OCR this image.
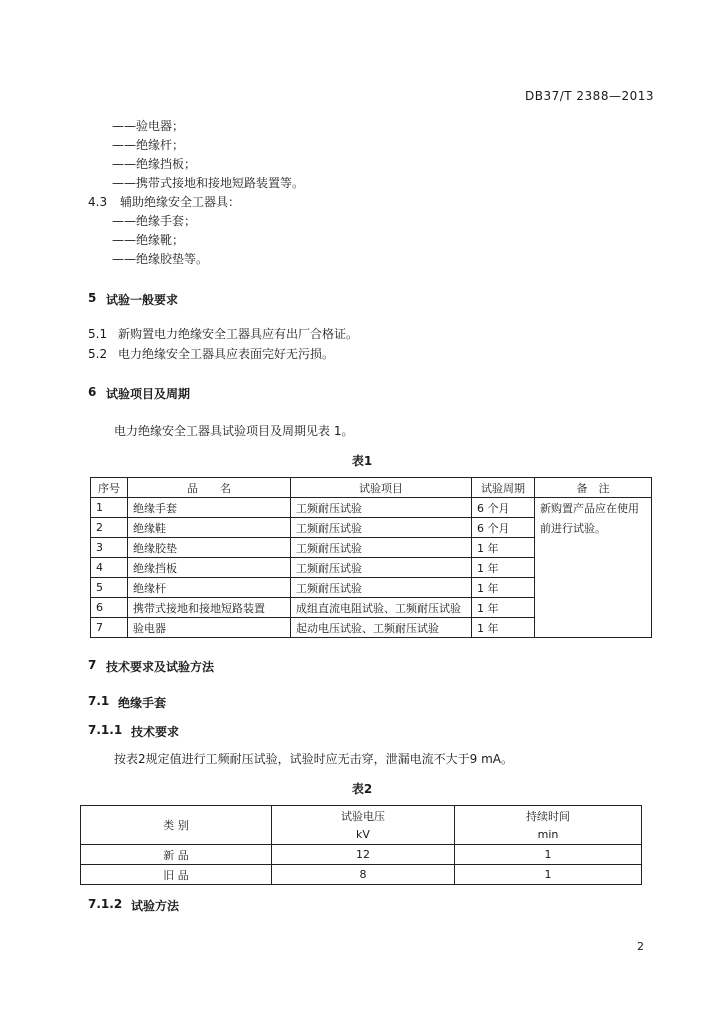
DB37/T 2388—2013
——验电器；
——绝缘杆；
——绝缘挡板；
——携带式接地和接地短路装置等。
4.3 辅助绝缘安全工器具：
——绝缘手套；
——绝缘靴；
——绝缘胶垫等。
5 试验一般要求
5.1 新购置电力绝缘安全工器具应有出厂合格证。
5.2 电力绝缘安全工器具应表面完好无污损。
6 试验项目及周期
电力绝缘安全工器具试验项目及周期见表 1。
表1
序号	品　　名	试验项目	试验周期	备　注
1	绝缘手套	工频耐压试验	6 个月	新购置产品应在使用前进行试验。
2	绝缘鞋	工频耐压试验	6 个月	
3	绝缘胶垫	工频耐压试验	1 年	
4	绝缘挡板	工频耐压试验	1 年	
5	绝缘杆	工频耐压试验	1 年	
6	携带式接地和接地短路装置	成组直流电阻试验、工频耐压试验	1 年	
7	验电器	起动电压试验、工频耐压试验	1 年	
7 技术要求及试验方法
7.1 绝缘手套
7.1.1 技术要求
按表2规定值进行工频耐压试验，试验时应无击穿，泄漏电流不大于9 mA。
表2
类 别	试验电压	持续时间
	kV	min
新 品	12	1
旧 品	8	1
7.1.2 试验方法
2
